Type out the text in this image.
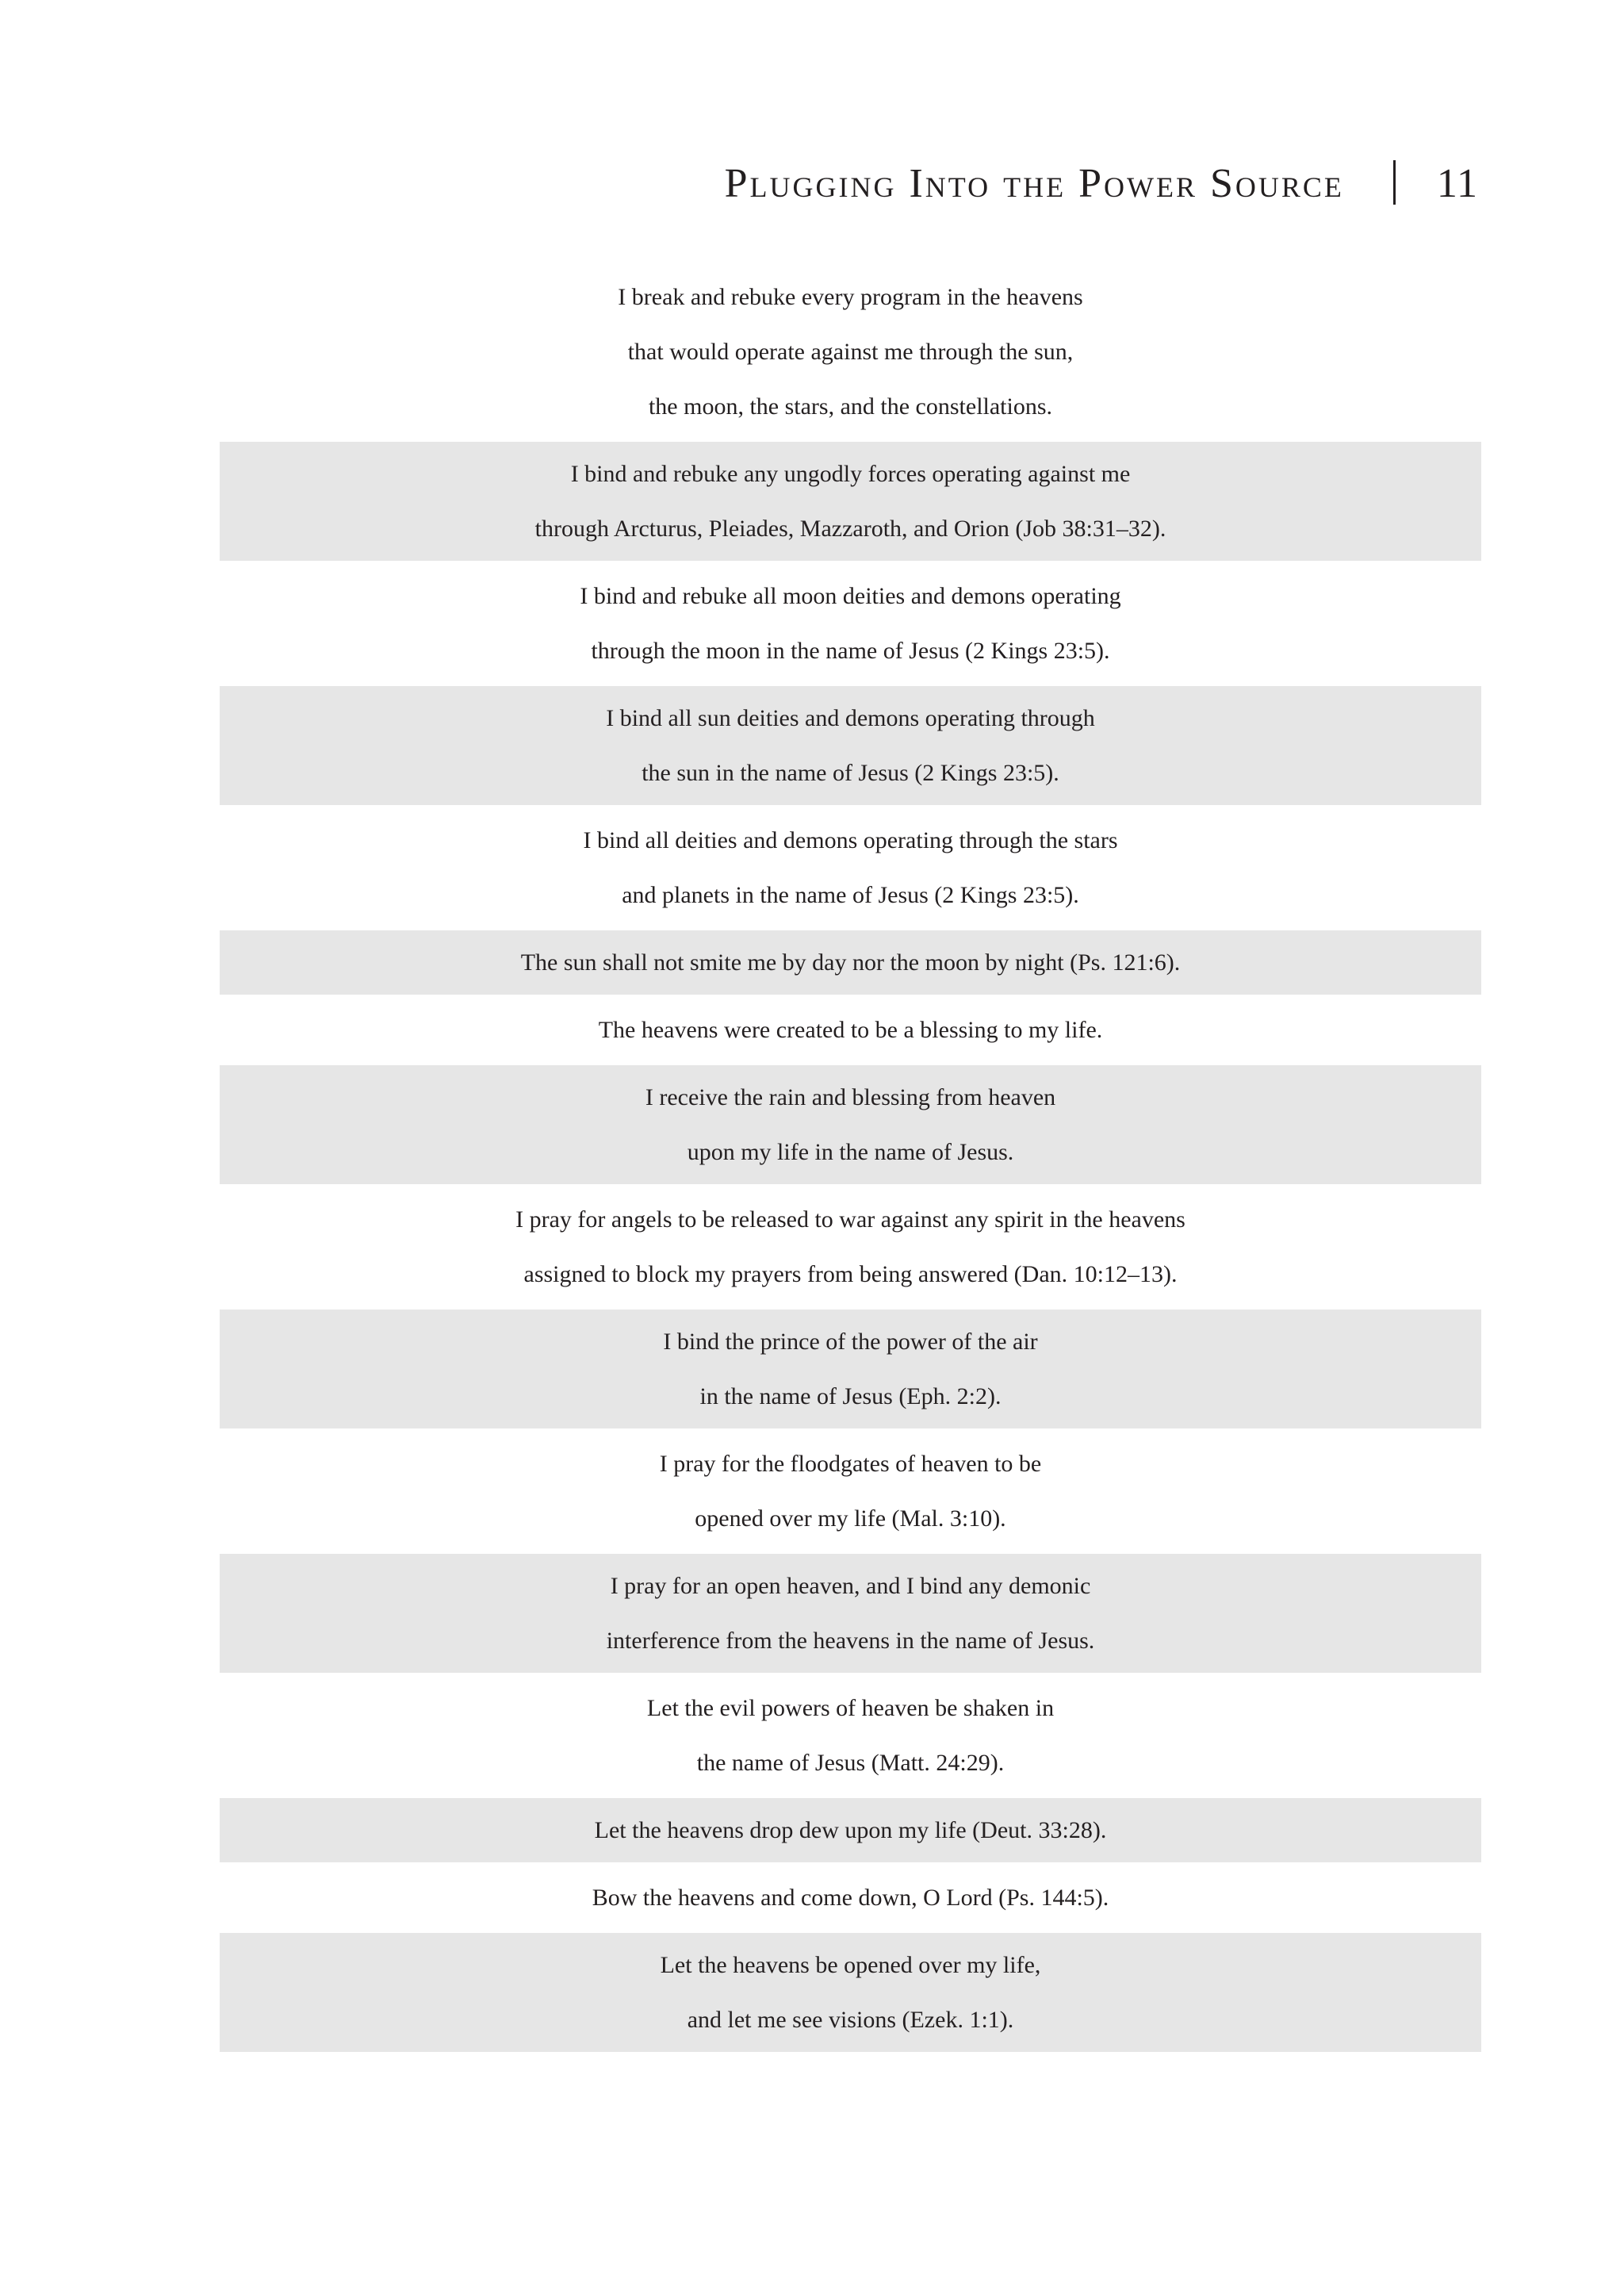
Plugging Into the Power Source 11
I break and rebuke every program in the heavens
that would operate against me through the sun,
the moon, the stars, and the constellations.
I bind and rebuke any ungodly forces operating against me
through Arcturus, Pleiades, Mazzaroth, and Orion (Job 38:31–32).
I bind and rebuke all moon deities and demons operating
through the moon in the name of Jesus (2 Kings 23:5).
I bind all sun deities and demons operating through
the sun in the name of Jesus (2 Kings 23:5).
I bind all deities and demons operating through the stars
and planets in the name of Jesus (2 Kings 23:5).
The sun shall not smite me by day nor the moon by night (Ps. 121:6).
The heavens were created to be a blessing to my life.
I receive the rain and blessing from heaven
upon my life in the name of Jesus.
I pray for angels to be released to war against any spirit in the heavens
assigned to block my prayers from being answered (Dan. 10:12–13).
I bind the prince of the power of the air
in the name of Jesus (Eph. 2:2).
I pray for the floodgates of heaven to be
opened over my life (Mal. 3:10).
I pray for an open heaven, and I bind any demonic
interference from the heavens in the name of Jesus.
Let the evil powers of heaven be shaken in
the name of Jesus (Matt. 24:29).
Let the heavens drop dew upon my life (Deut. 33:28).
Bow the heavens and come down, O Lord (Ps. 144:5).
Let the heavens be opened over my life,
and let me see visions (Ezek. 1:1).
